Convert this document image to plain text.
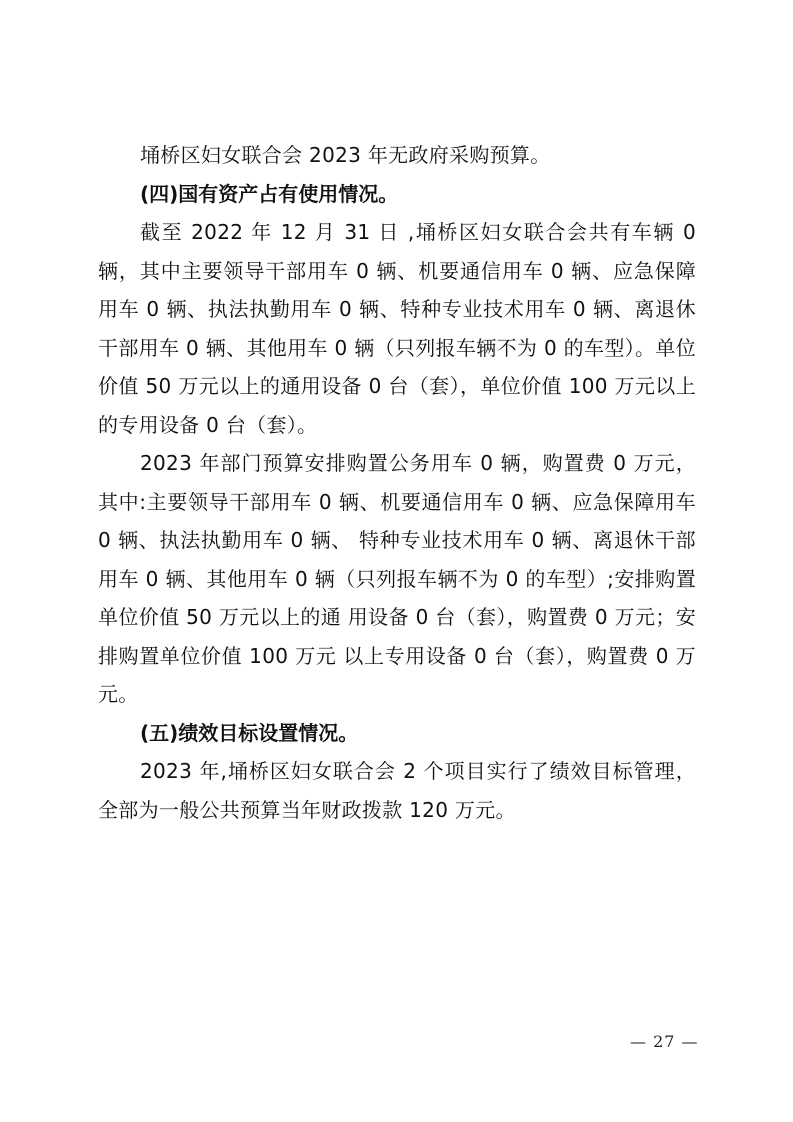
埇桥区妇女联合会 2023 年无政府采购预算。

(四)国有资产占有使用情况。

截至 2022 年 12 月 31 日 ,埇桥区妇女联合会共有车辆 0 辆，其中主要领导干部用车 0 辆、机要通信用车 0 辆、应急保障用车 0 辆、执法执勤用车 0 辆、特种专业技术用车 0 辆、离退休干部用车 0 辆、其他用车 0 辆（只列报车辆不为 0 的车型）。单位价值 50 万元以上的通用设备 0 台（套），单位价值 100 万元以上的专用设备 0 台（套）。

2023 年部门预算安排购置公务用车 0 辆，购置费 0 万元，其中:主要领导干部用车 0 辆、机要通信用车 0 辆、应急保障用车 0 辆、执法执勤用车 0 辆、 特种专业技术用车 0 辆、离退休干部用车 0 辆、其他用车 0 辆（只列报车辆不为 0 的车型）;安排购置单位价值 50 万元以上的通 用设备 0 台（套），购置费 0 万元；安排购置单位价值 100 万元 以上专用设备 0 台（套），购置费 0 万元。

(五)绩效目标设置情况。

2023 年,埇桥区妇女联合会 2 个项目实行了绩效目标管理，全部为一般公共预算当年财政拨款 120 万元。

— 27 —
